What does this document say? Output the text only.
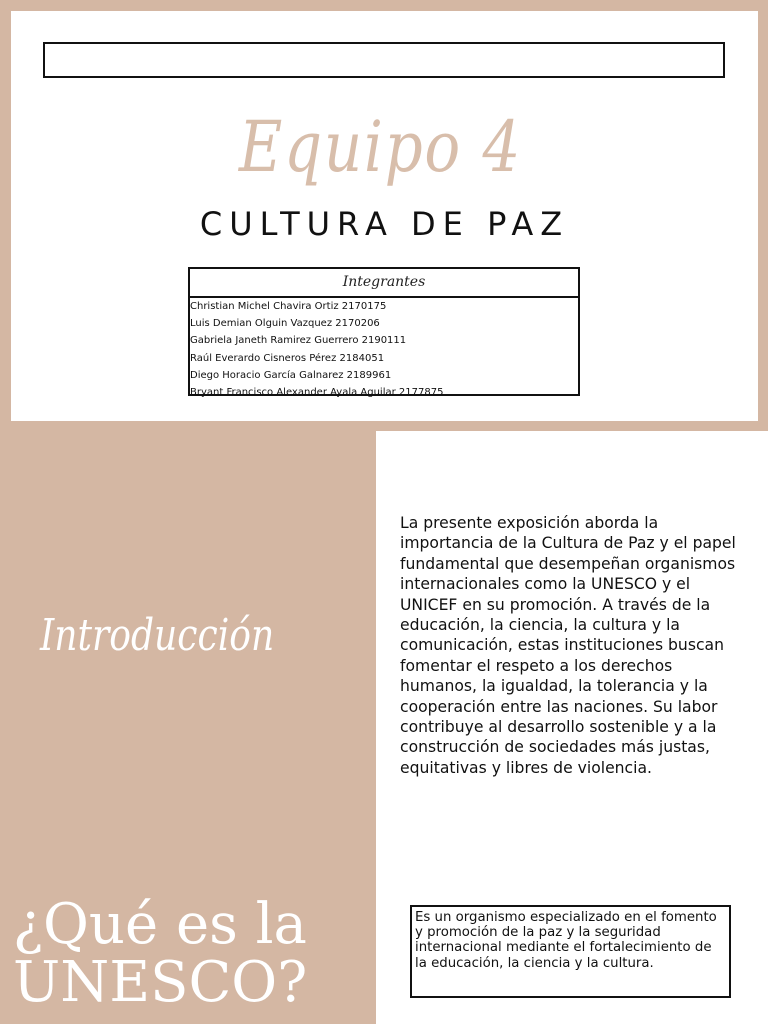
Equipo 4
CULTURA DE PAZ
Integrantes
Christian Michel Chavira Ortiz 2170175
Luis Demian Olguin Vazquez 2170206
Gabriela Janeth Ramirez Guerrero 2190111
Raúl Everardo Cisneros Pérez 2184051
Diego Horacio García Galnarez 2189961
Bryant Francisco Alexander Ayala Aguilar 2177875
Introducción

La presente exposición aborda la importancia de la Cultura de Paz y el papel fundamental que desempeñan organismos internacionales como la UNESCO y el UNICEF en su promoción. A través de la educación, la ciencia, la cultura y la comunicación, estas instituciones buscan fomentar el respeto a los derechos humanos, la igualdad, la tolerancia y la cooperación entre las naciones. Su labor contribuye al desarrollo sostenible y a la construcción de sociedades más justas, equitativas y libres de violencia.

¿Qué es la UNESCO?

Es un organismo especializado en el fomento y promoción de la paz y la seguridad internacional mediante el fortalecimiento de la educación, la ciencia y la cultura.
